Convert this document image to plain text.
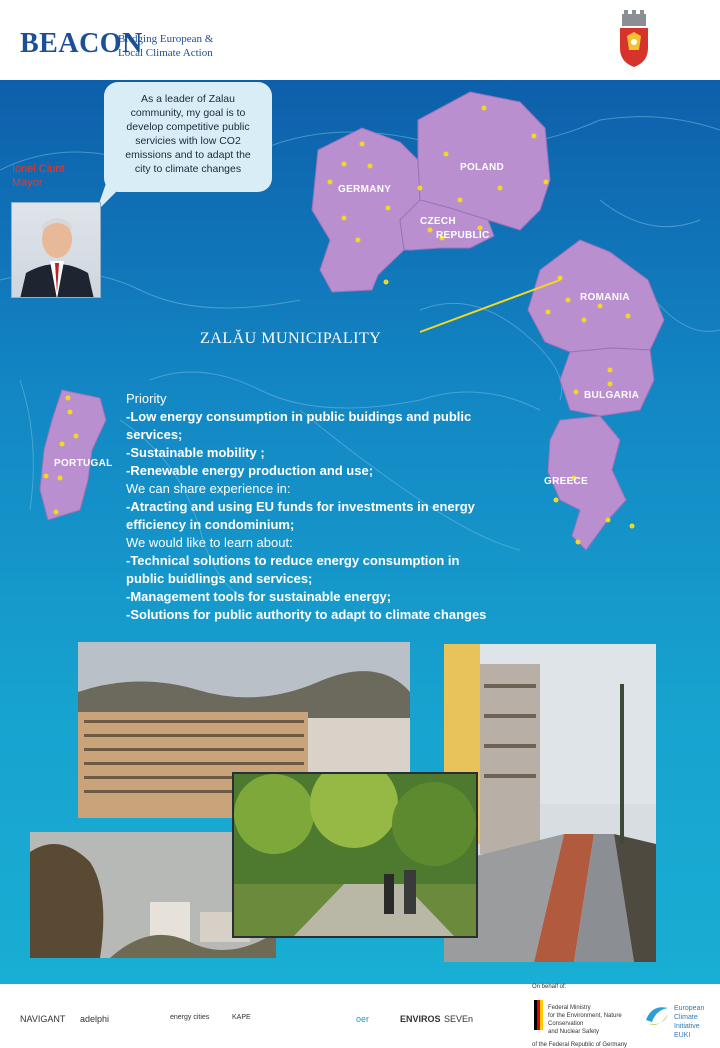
BEACON
Bridging European &
Local Climate Action
As a leader of Zalau
community, my goal is to
develop competitive public
servicies with low CO2
emissions and to adapt the
city to climate changes
Ionel Ciunt
Mayor
GERMANY
POLAND
CZECH
REPUBLIC
ROMANIA
BULGARIA
GREECE
PORTUGAL
ZALĂU MUNICIPALITY
Priority
-Low energy consumption in public buidings and public
services;
-Sustainable mobility ;
-Renewable energy production and use;
We can share experience in:
-Atracting and using EU funds for investments in energy
efficiency in condominium;
We would like to learn about:
-Technical solutions to reduce energy consumption in
public buidlings and services;
-Management tools for sustainable energy;
-Solutions for public authority to adapt to climate changes
NAVIGANT adelphi	energy cities	KAPE	ENVIROS SEVEn
oer
On behalf of:
Federal Ministry
for the Environment, Nature Conservation
and Nuclear Safety
of the Federal Republic of Germany
European
Climate Initiative
EUKI
